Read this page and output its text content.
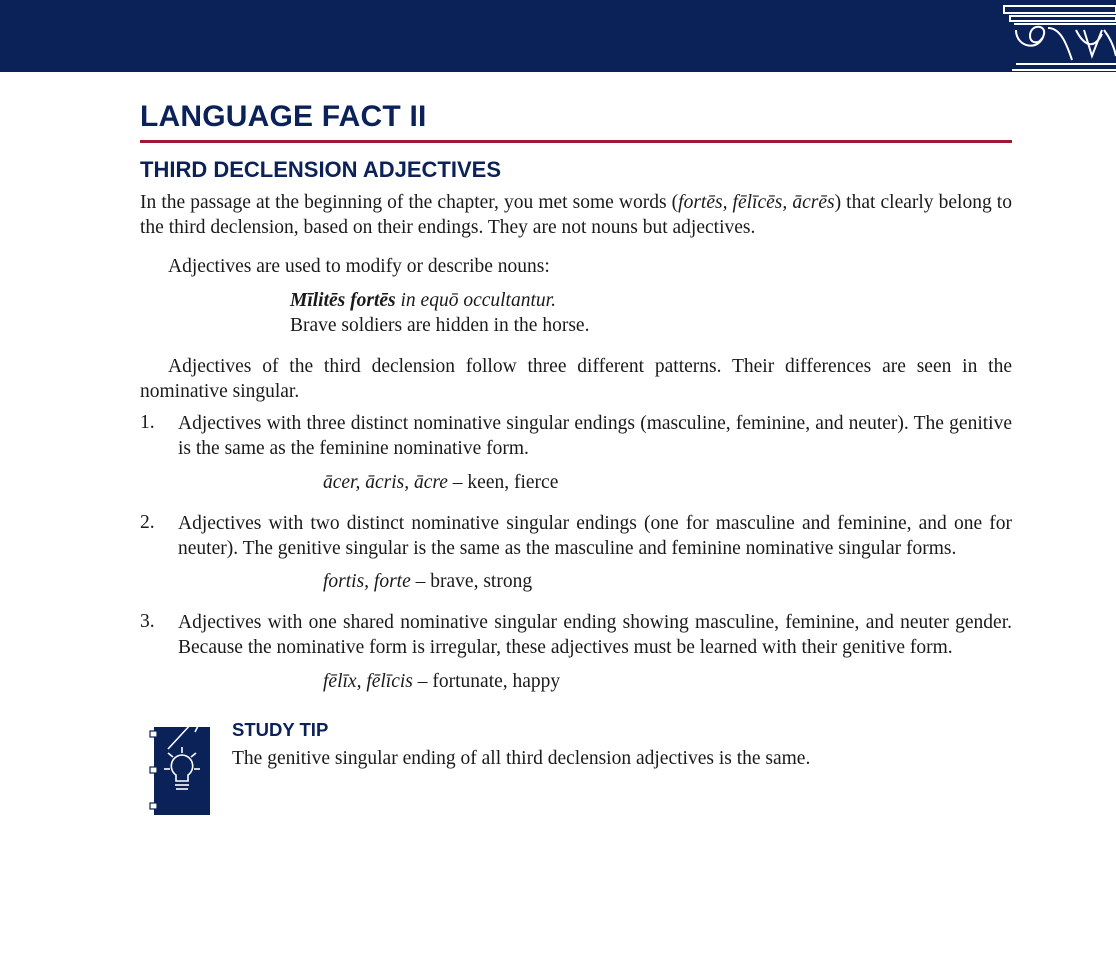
LANGUAGE FACT II
THIRD DECLENSION ADJECTIVES

In the passage at the beginning of the chapter, you met some words (fortēs, fēlīcēs, ācrēs) that clearly belong to the third declension, based on their endings. They are not nouns but adjectives.

Adjectives are used to modify or describe nouns:

Mīlitēs fortēs in equō occultantur.
Brave soldiers are hidden in the horse.

Adjectives of the third declension follow three different patterns. Their differences are seen in the nominative singular.

1. Adjectives with three distinct nominative singular endings (masculine, feminine, and neuter). The genitive is the same as the feminine nominative form.
ācer, ācris, ācre – keen, fierce
2. Adjectives with two distinct nominative singular endings (one for masculine and feminine, and one for neuter). The genitive singular is the same as the masculine and feminine nominative singular forms.
fortis, forte – brave, strong
3. Adjectives with one shared nominative singular ending showing masculine, feminine, and neuter gender. Because the nominative form is irregular, these adjectives must be learned with their genitive form.
fēlīx, fēlīcis – fortunate, happy
STUDY TIP

The genitive singular ending of all third declension adjectives is the same.
